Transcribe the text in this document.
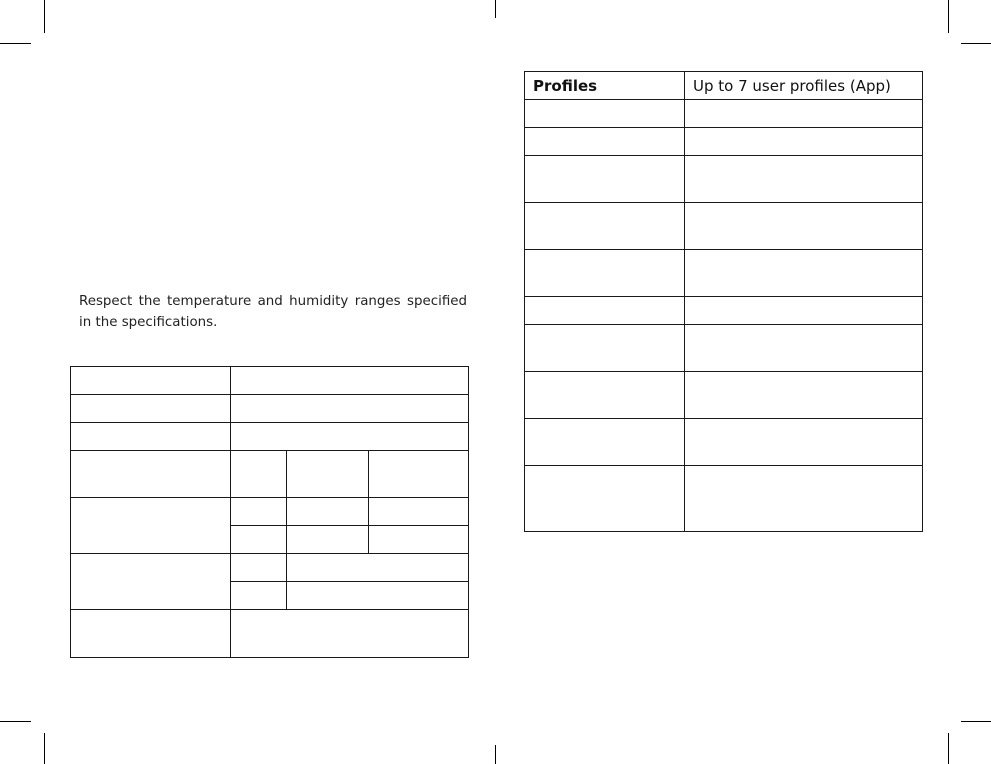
Respect the temperature and humidity ranges specified in the specifications.

Profiles	Up to 7 user profiles (App)
